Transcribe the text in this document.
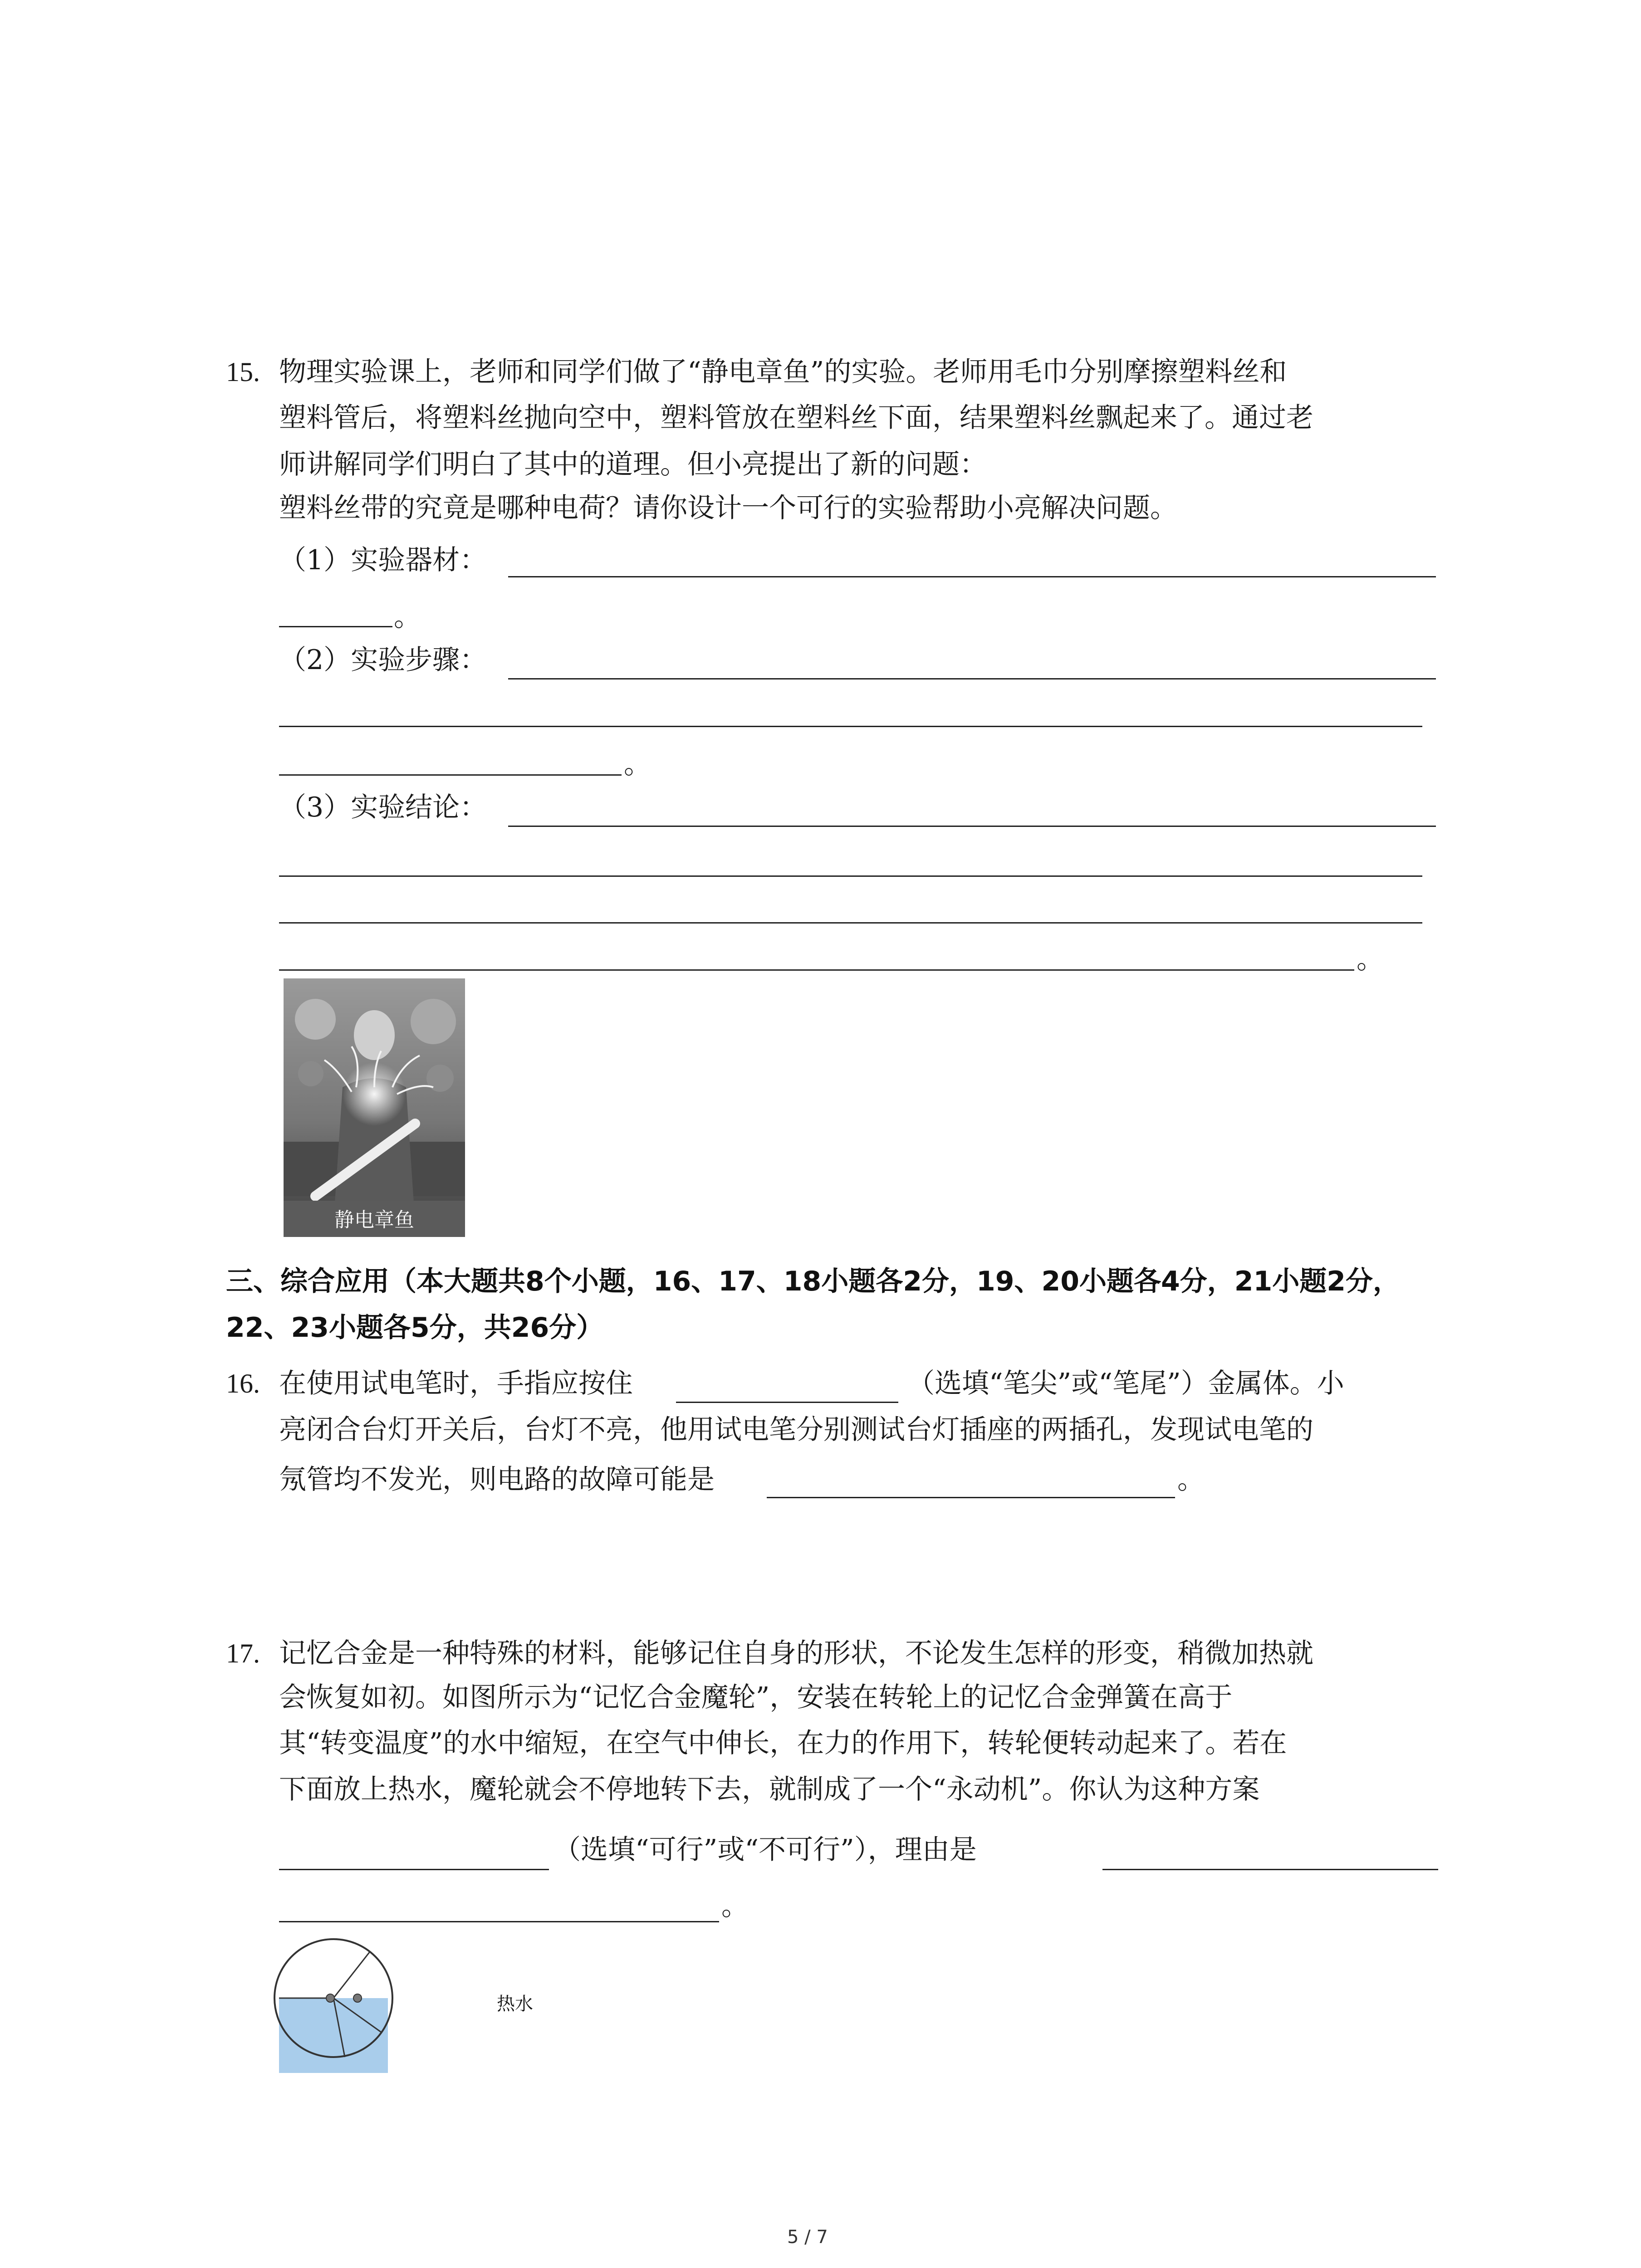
15. 物理实验课上，老师和同学们做了“静电章鱼”的实验。老师用毛巾分别摩擦塑料丝和
塑料管后，将塑料丝抛向空中，塑料管放在塑料丝下面，结果塑料丝飘起来了。通过老
师讲解同学们明白了其中的道理。但小亮提出了新的问题：
塑料丝带的究竟是哪种电荷？请你设计一个可行的实验帮助小亮解决问题。
（1）实验器材：
。
（2）实验步骤：
。
（3）实验结论：
。
静电章鱼
三、综合应用（本大题共8个小题，16、17、18小题各2分，19、20小题各4分，21小题2分，
22、23小题各5分，共26分）
16. 在使用试电笔时，手指应按住	（选填“笔尖”或“笔尾”）金属体。小
亮闭合台灯开关后，台灯不亮，他用试电笔分别测试台灯插座的两插孔，发现试电笔的
氖管均不发光，则电路的故障可能是	。
17. 记忆合金是一种特殊的材料，能够记住自身的形状，不论发生怎样的形变，稍微加热就
会恢复如初。如图所示为“记忆合金魔轮”，安装在转轮上的记忆合金弹簧在高于
其“转变温度”的水中缩短，在空气中伸长，在力的作用下，转轮便转动起来了。若在
下面放上热水，魔轮就会不停地转下去，就制成了一个“永动机”。你认为这种方案
（选填“可行”或“不可行”），理由是
。
热水
5 / 7
